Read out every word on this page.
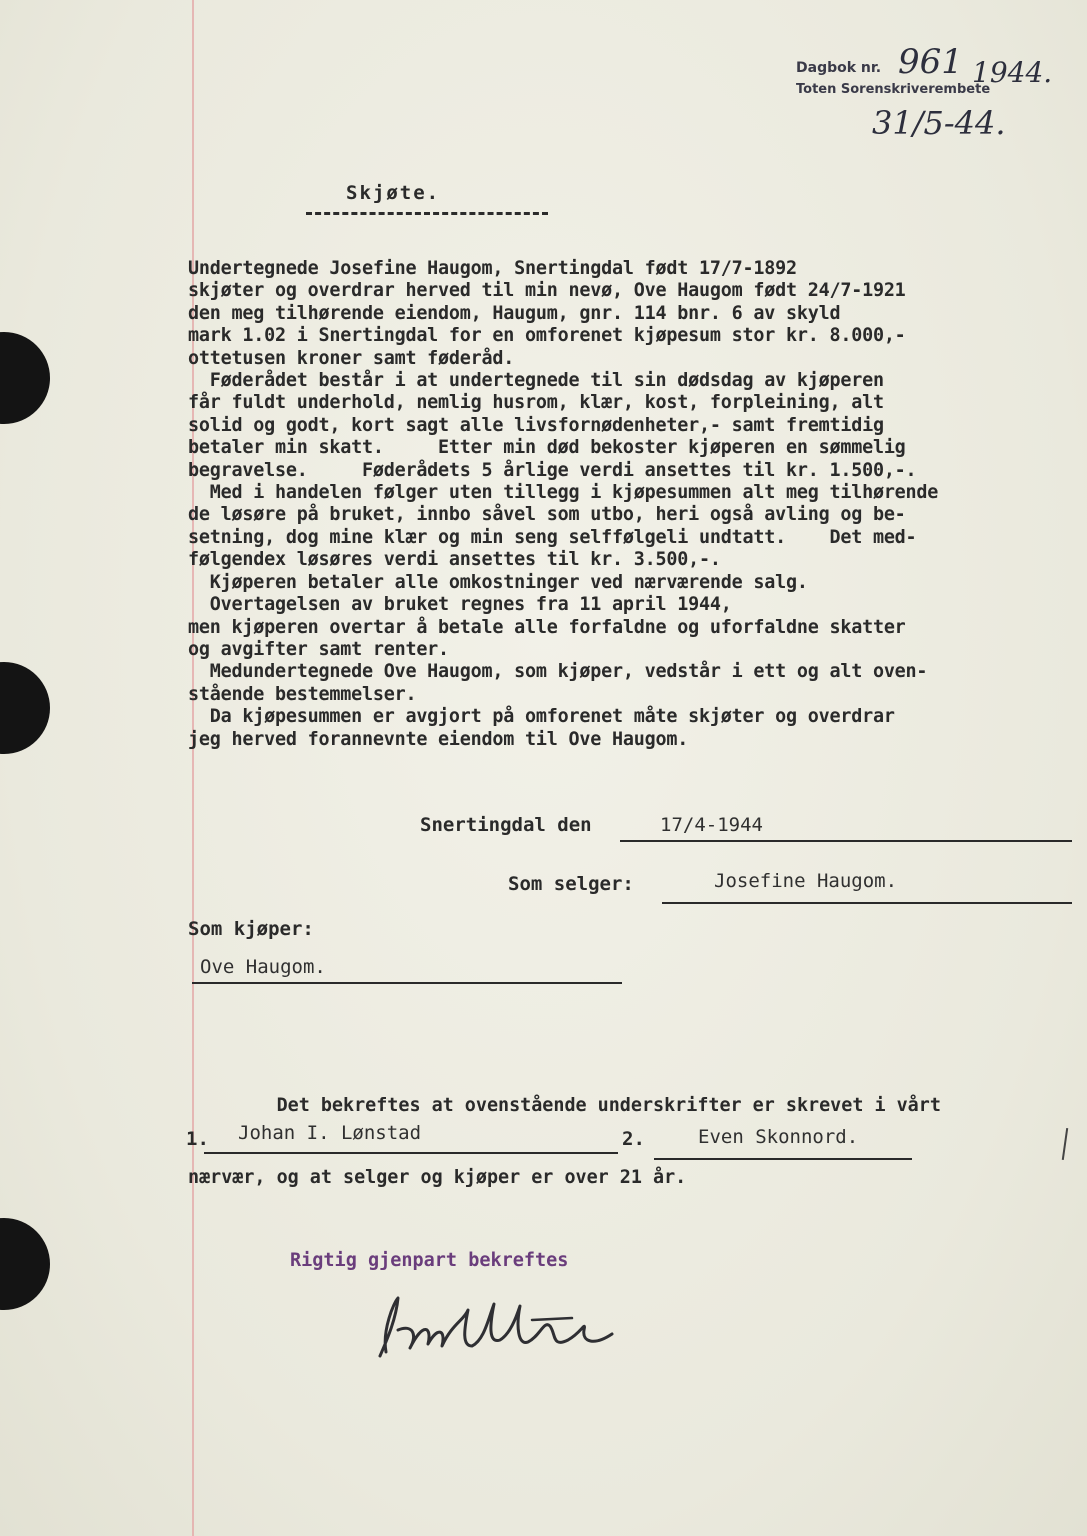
Dagbok nr. 961 1944.
Toten Sorenskriverembete
31/5-44.
Skjøte.
Undertegnede Josefine Haugom, Snertingdal født 17/7-1892
skjøter og overdrar herved til min nevø, Ove Haugom født 24/7-1921
den meg tilhørende eiendom, Haugum, gnr. 114 bnr. 6 av skyld
mark 1.02 i Snertingdal for en omforenet kjøpesum stor kr. 8.000,-
ottetusen kroner samt føderåd.
Føderådet består i at undertegnede til sin dødsdag av kjøperen
får fuldt underhold, nemlig husrom, klær, kost, forpleining, alt
solid og godt, kort sagt alle livsfornødenheter,- samt fremtidig
betaler min skatt.     Etter min død bekoster kjøperen en sømmelig
begravelse.     Føderådets 5 årlige verdi ansettes til kr. 1.500,-.
Med i handelen følger uten tillegg i kjøpesummen alt meg tilhørende
de løsøre på bruket, innbo såvel som utbo, heri også avling og be-
setning, dog mine klær og min seng selffølgeli undtatt.    Det med-
følgendex løsøres verdi ansettes til kr. 3.500,-.
Kjøperen betaler alle omkostninger ved nærværende salg.
Overtagelsen av bruket regnes fra 11 april 1944,
men kjøperen overtar å betale alle forfaldne og uforfaldne skatter
og avgifter samt renter.
Medundertegnede Ove Haugom, som kjøper, vedstår i ett og alt oven-
stående bestemmelser.
Da kjøpesummen er avgjort på omforenet måte skjøter og overdrar
jeg herved forannevnte eiendom til Ove Haugom.
Snertingdal den	17/4-1944
Som selger:	Josefine Haugom.
Som kjøper:
Ove Haugom.

Det bekreftes at ovenstående underskrifter er skrevet i vårt

nærvær, og at selger og kjøper er over 21 år.

1. Johan I. Lønstad	2.	Even Skonnord.
Rigtig gjenpart bekreftes
